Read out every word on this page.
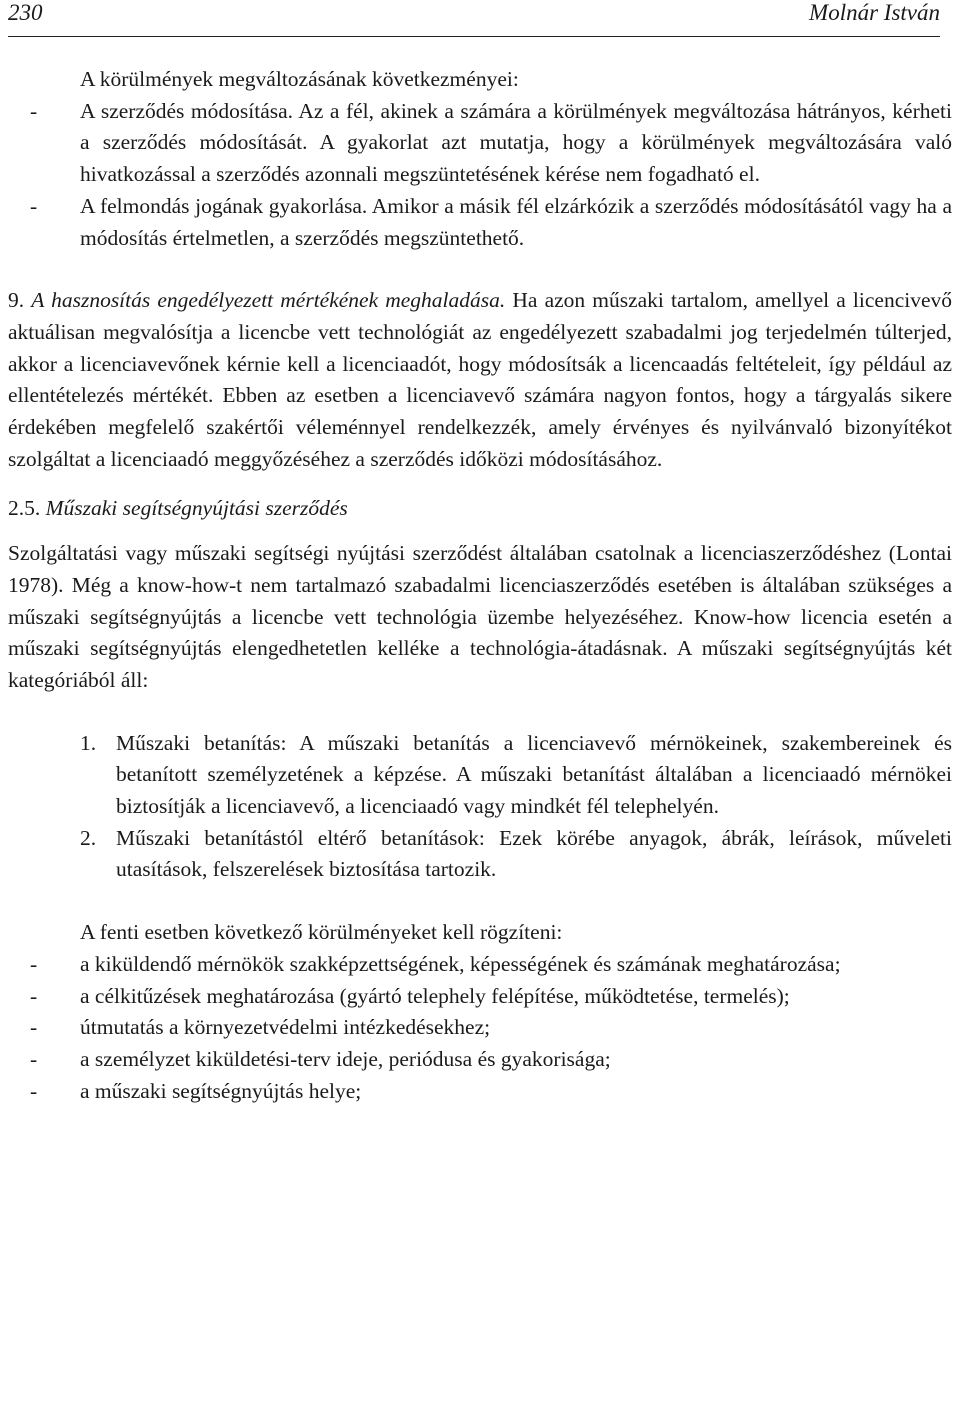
230	Molnár István

A körülmények megváltozásának következményei:

- A szerződés módosítása. Az a fél, akinek a számára a körülmények megváltozása hátrányos, kérheti a szerződés módosítását. A gyakorlat azt mutatja, hogy a körülmények megváltozására való hivatkozással a szerződés azonnali megszüntetésének kérése nem fogadható el.

- A felmondás jogának gyakorlása. Amikor a másik fél elzárkózik a szerződés módosításától vagy ha a módosítás értelmetlen, a szerződés megszüntethető.

9. A hasznosítás engedélyezett mértékének meghaladása. Ha azon műszaki tartalom, amellyel a licencivevő aktuálisan megvalósítja a licencbe vett technológiát az engedélyezett szabadalmi jog terjedelmén túlterjed, akkor a licenciavevőnek kérnie kell a licenciaadót, hogy módosítsák a licencaadás feltételeit, így például az ellentételezés mértékét. Ebben az esetben a licenciavevő számára nagyon fontos, hogy a tárgyalás sikere érdekében megfelelő szakértői véleménnyel rendelkezzék, amely érvényes és nyilvánvaló bizonyítékot szolgáltat a licenciaadó meggyőzéséhez a szerződés időközi módosításához.

2.5. Műszaki segítségnyújtási szerződés

Szolgáltatási vagy műszaki segítségi nyújtási szerződést általában csatolnak a licenciaszerződéshez (Lontai 1978). Még a know-how-t nem tartalmazó szabadalmi licenciaszerződés esetében is általában szükséges a műszaki segítségnyújtás a licencbe vett technológia üzembe helyezéséhez. Know-how licencia esetén a műszaki segítségnyújtás elengedhetetlen kelléke a technológia-átadásnak. A műszaki segítségnyújtás két kategóriából áll:

1. Műszaki betanítás: A műszaki betanítás a licenciavevő mérnökeinek, szakembereinek és betanított személyzetének a képzése. A műszaki betanítást általában a licenciaadó mérnökei biztosítják a licenciavevő, a licenciaadó vagy mindkét fél telephelyén.

2. Műszaki betanítástól eltérő betanítások: Ezek körébe anyagok, ábrák, leírások, műveleti utasítások, felszerelések biztosítása tartozik.

A fenti esetben következő körülményeket kell rögzíteni:

- a kiküldendő mérnökök szakképzettségének, képességének és számának meghatározása;

- a célkitűzések meghatározása (gyártó telephely felépítése, működtetése, termelés);

- útmutatás a környezetvédelmi intézkedésekhez;

- a személyzet kiküldetési-terv ideje, periódusa és gyakorisága;

- a műszaki segítségnyújtás helye;
